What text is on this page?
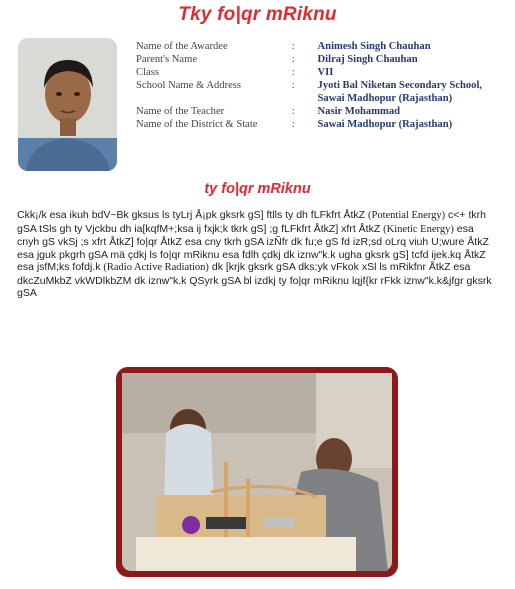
Tky fo|qr mRiknu
Name of the Awardee	:	Animesh Singh Chauhan
Parent's Name	:	Dilraj Singh Chauhan
Class	:	VII
School Name & Address	:	Jyoti Bal Niketan Secondary School, Sawai Madhopur (Rajasthan)
Name of the Teacher	:	Nasir Mohammad
Name of the District & State	:	Sawai Madhopur (Rajasthan)
ty fo|qr mRiknu
Ckk¡/k esa ikuh bdV~Bk gksus ls tyLrj Å¡pk gksrk gS] ftlls ty dh fLFkfrt ÅtkZ (Potential Energy) c<+ tkrh gSA tSls gh ty Vjckbu dh ia[kqfM+;ksa ij fxjk;k tkrk gS] ;g fLFkfrt ÅtkZ] xfrt ÅtkZ (Kinetic Energy) esa cnyh gS vkSj ;s xfrt ÅtkZ] fo|qr ÅtkZ esa cny tkrh gSA izÑfr dk fu;e gS fd izR;sd oLrq viuh U;wure ÅtkZ esa jguk pkgrh gSA mä çdkj ls fo|qr mRiknu esa fdlh çdkj dk iznw"k.k ugha gksrk gS] tcfd ijek.kq ÅtkZ esa jsfM;ks fofdj.k (Radio Active Radiation) dk [krjk gksrk gSA dks;yk vFkok xSl ls mRikfnr ÅtkZ esa dkcZuMkbZ vkWDlkbZM dk iznw"k.k QSyrk gSA bl izdkj ty fo|qr mRiknu lqjf{kr rFkk iznw"k.k&jfgr gksrk gSA
